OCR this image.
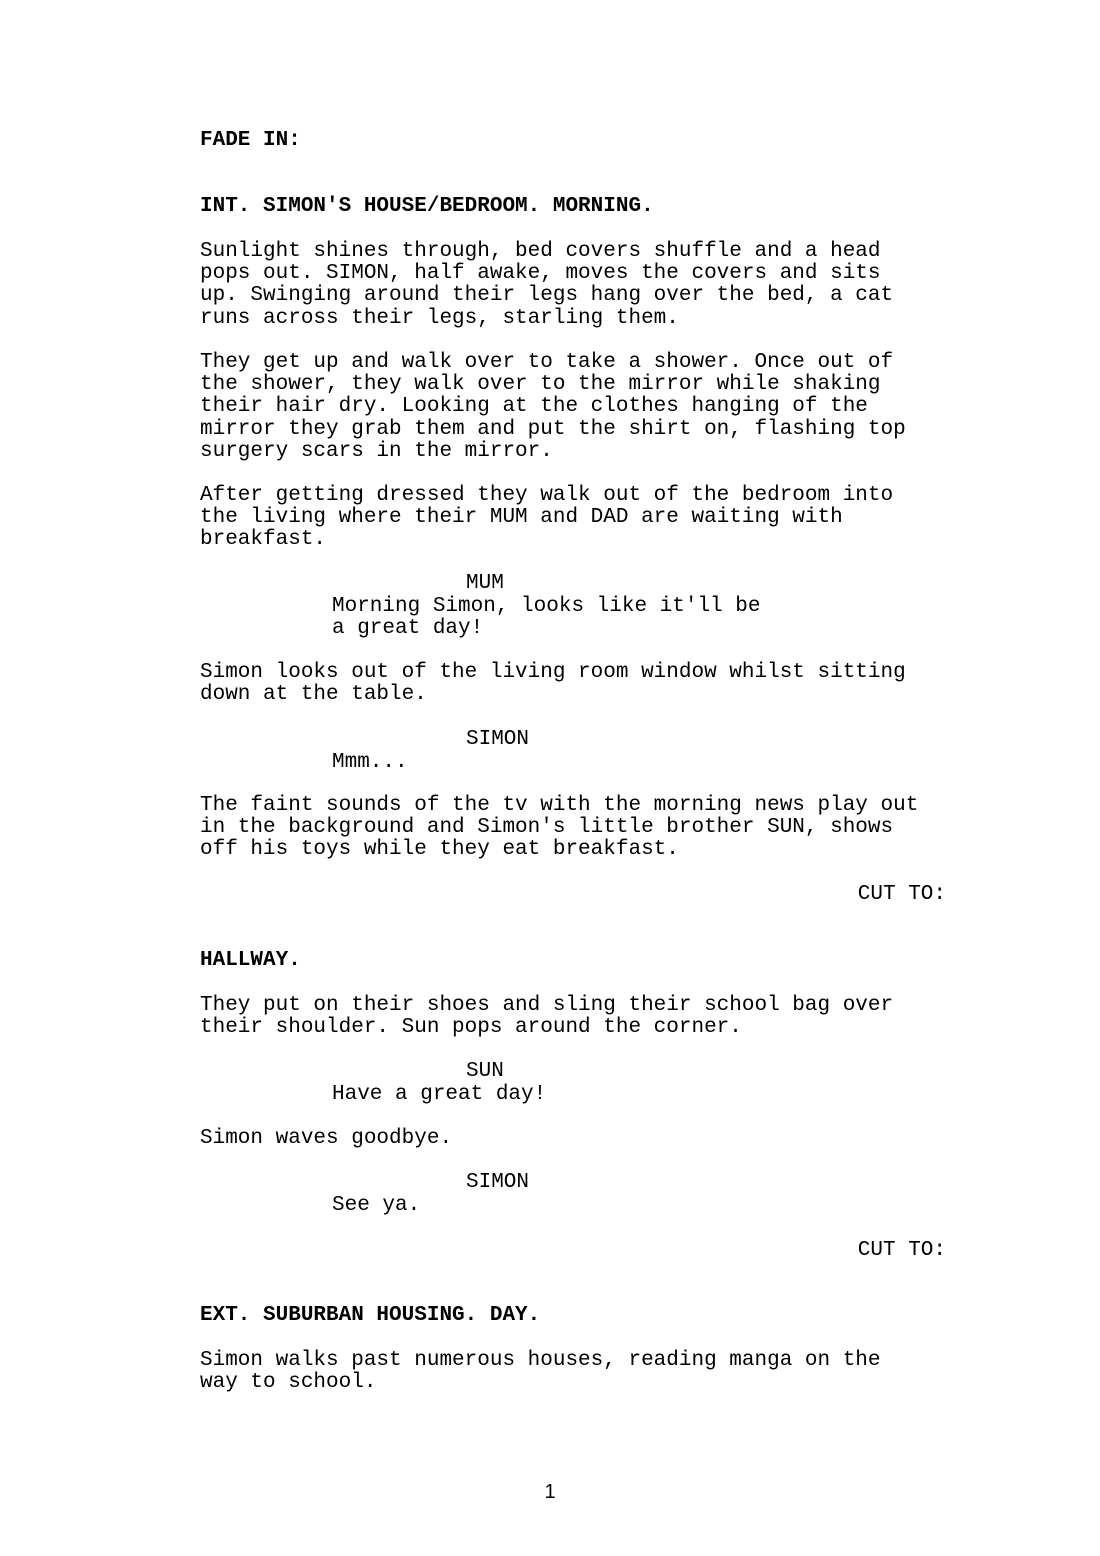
FADE IN:
INT. SIMON'S HOUSE/BEDROOM. MORNING.
Sunlight shines through, bed covers shuffle and a head
pops out. SIMON, half awake, moves the covers and sits
up. Swinging around their legs hang over the bed, a cat
runs across their legs, starling them.
They get up and walk over to take a shower. Once out of
the shower, they walk over to the mirror while shaking
their hair dry. Looking at the clothes hanging of the
mirror they grab them and put the shirt on, flashing top
surgery scars in the mirror.
After getting dressed they walk out of the bedroom into
the living where their MUM and DAD are waiting with
breakfast.
MUM
Morning Simon, looks like it'll be
a great day!
Simon looks out of the living room window whilst sitting
down at the table.
SIMON
Mmm...
The faint sounds of the tv with the morning news play out
in the background and Simon's little brother SUN, shows
off his toys while they eat breakfast.
CUT TO:
HALLWAY.
They put on their shoes and sling their school bag over
their shoulder. Sun pops around the corner.
SUN
Have a great day!
Simon waves goodbye.
SIMON
See ya.
CUT TO:
EXT. SUBURBAN HOUSING. DAY.
Simon walks past numerous houses, reading manga on the
way to school.
1
